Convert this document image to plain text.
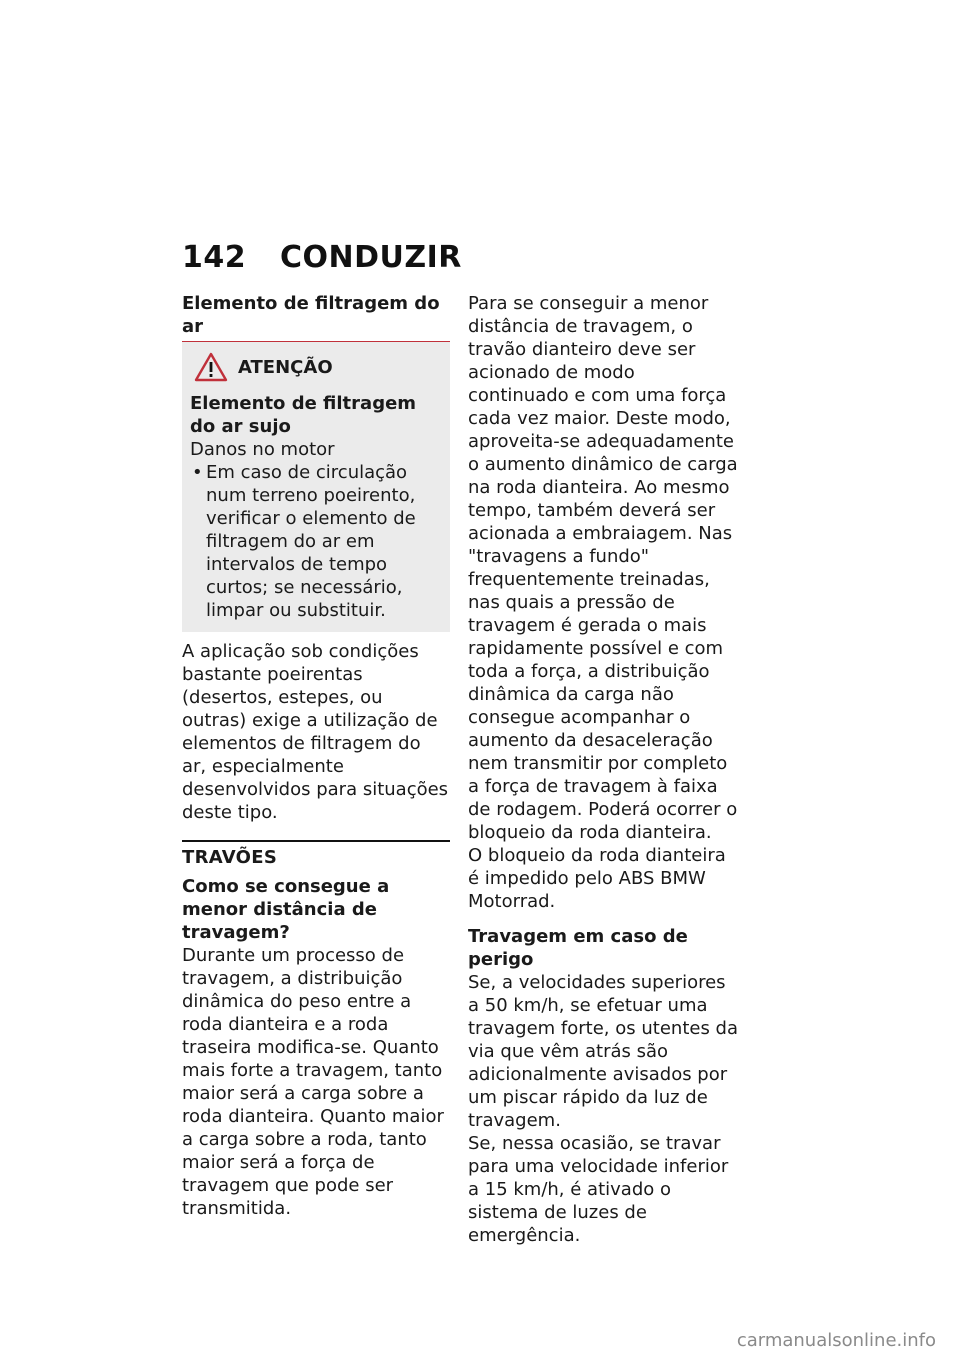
142 CONDUZIR

Elemento de filtragem do ar

ATENÇÃO

Elemento de filtragem do ar sujo

Danos no motor

• Em caso de circulação num terreno poeirento, verificar o elemento de filtragem do ar em intervalos de tempo curtos; se necessário, limpar ou substituir.

A aplicação sob condições bastante poeirentas (desertos, estepes, ou outras) exige a utilização de elementos de filtragem do ar, especialmente desenvolvidos para situações deste tipo.

TRAVÕES

Como se consegue a menor distância de travagem?

Durante um processo de travagem, a distribuição dinâmica do peso entre a roda dianteira e a roda traseira modifica-se. Quanto mais forte a travagem, tanto maior será a carga sobre a roda dianteira. Quanto maior a carga sobre a roda, tanto maior será a força de travagem que pode ser transmitida.

Para se conseguir a menor distância de travagem, o travão dianteiro deve ser acionado de modo continuado e com uma força cada vez maior. Deste modo, aproveita-se adequadamente o aumento dinâmico de carga na roda dianteira. Ao mesmo tempo, também deverá ser acionada a embraiagem. Nas "travagens a fundo" frequentemente treinadas, nas quais a pressão de travagem é gerada o mais rapidamente possível e com toda a força, a distribuição dinâmica da carga não consegue acompanhar o aumento da desaceleração nem transmitir por completo a força de travagem à faixa de rodagem. Poderá ocorrer o bloqueio da roda dianteira.

O bloqueio da roda dianteira é impedido pelo ABS BMW Motorrad.

Travagem em caso de perigo

Se, a velocidades superiores a 50 km/h, se efetuar uma travagem forte, os utentes da via que vêm atrás são adicionalmente avisados por um piscar rápido da luz de travagem.

Se, nessa ocasião, se travar para uma velocidade inferior a 15 km/h, é ativado o sistema de luzes de emergência.

carmanualsonline.info
